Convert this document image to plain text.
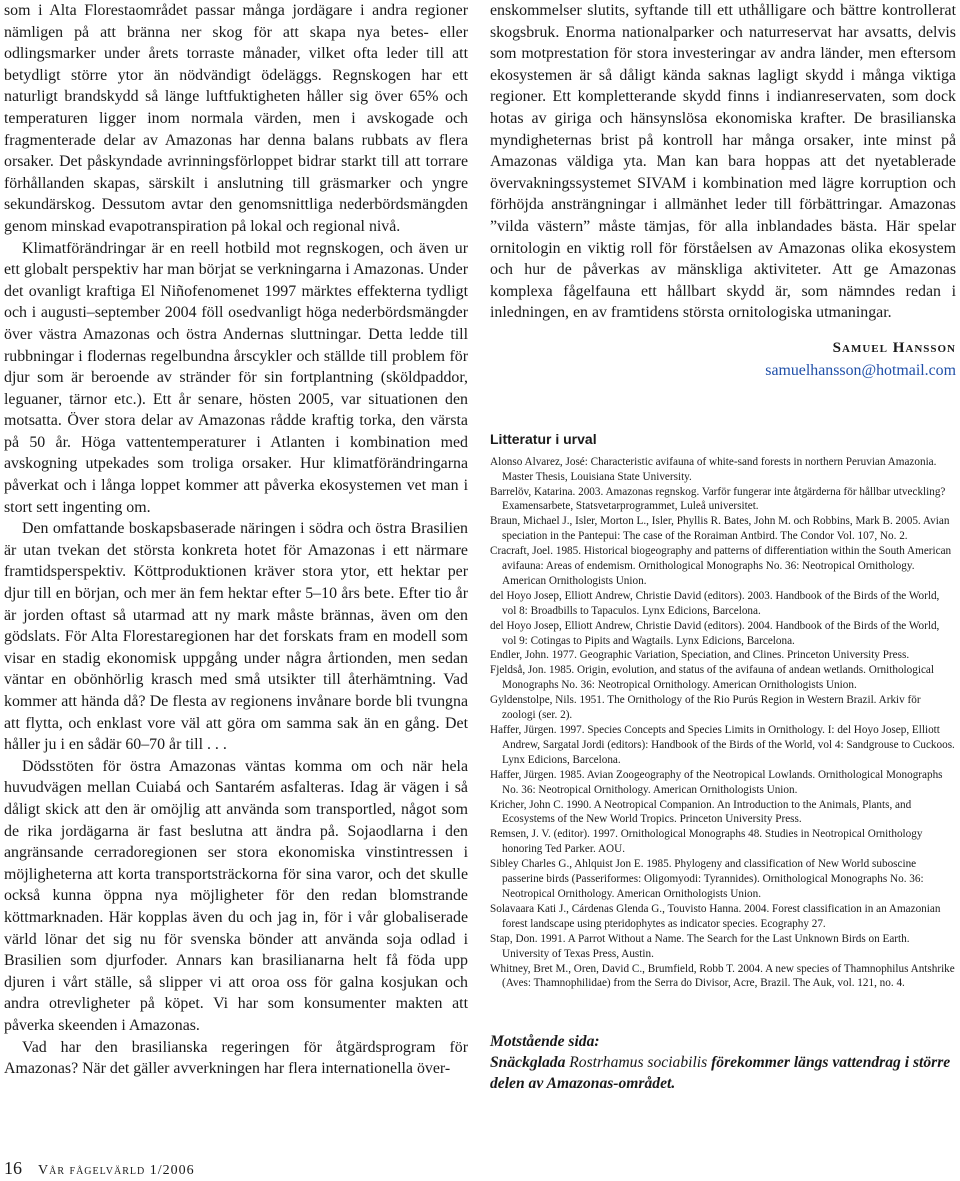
som i Alta Florestaområdet passar många jordägare i andra regioner nämligen på att bränna ner skog för att skapa nya betes- eller odlingsmarker under årets torraste månader, vilket ofta leder till att betydligt större ytor än nödvändigt ödeläggs. Regnskogen har ett naturligt brandskydd så länge luftfuktigheten håller sig över 65% och temperaturen ligger inom normala värden, men i avskogade och fragmenterade delar av Amazonas har denna balans rubbats av flera orsaker. Det påskyndade avrinningsförloppet bidrar starkt till att torrare förhållanden skapas, särskilt i anslutning till gräsmarker och yngre sekundärskog. Dessutom avtar den genomsnittliga nederbördsmängden genom minskad evapotranspiration på lokal och regional nivå.

Klimatförändringar är en reell hotbild mot regnskogen, och även ur ett globalt perspektiv har man börjat se verkningarna i Amazonas. Under det ovanligt kraftiga El Niñofenomenet 1997 märktes effekterna tydligt och i augusti–september 2004 föll osedvanligt höga nederbördsmängder över västra Amazonas och östra Andernas sluttningar. Detta ledde till rubbningar i flodernas regelbundna årscykler och ställde till problem för djur som är beroende av stränder för sin fortplantning (sköldpaddor, leguaner, tärnor etc.). Ett år senare, hösten 2005, var situationen den motsatta. Över stora delar av Amazonas rådde kraftig torka, den värsta på 50 år. Höga vattentemperaturer i Atlanten i kombination med avskogning utpekades som troliga orsaker. Hur klimatförändringarna påverkat och i långa loppet kommer att påverka ekosystemen vet man i stort sett ingenting om.

Den omfattande boskapsbaserade näringen i södra och östra Brasilien är utan tvekan det största konkreta hotet för Amazonas i ett närmare framtidsperspektiv. Köttproduktionen kräver stora ytor, ett hektar per djur till en början, och mer än fem hektar efter 5–10 års bete. Efter tio år är jorden oftast så utarmad att ny mark måste brännas, även om den gödslats. För Alta Florestaregionen har det forskats fram en modell som visar en stadig ekonomisk uppgång under några årtionden, men sedan väntar en obönhörlig krasch med små utsikter till återhämtning. Vad kommer att hända då? De flesta av regionens invånare borde bli tvungna att flytta, och enklast vore väl att göra om samma sak än en gång. Det håller ju i en sådär 60–70 år till . . .

Dödsstöten för östra Amazonas väntas komma om och när hela huvudvägen mellan Cuiabá och Santarém asfalteras. Idag är vägen i så dåligt skick att den är omöjlig att använda som transportled, något som de rika jordägarna är fast beslutna att ändra på. Sojaodlarna i den angränsande cerradoregionen ser stora ekonomiska vinstintressen i möjligheterna att korta transportsträckorna för sina varor, och det skulle också kunna öppna nya möjligheter för den redan blomstrande köttmarknaden. Här kopplas även du och jag in, för i vår globaliserade värld lönar det sig nu för svenska bönder att använda soja odlad i Brasilien som djurfoder. Annars kan brasilianarna helt få föda upp djuren i vårt ställe, så slipper vi att oroa oss för galna kosjukan och andra otrevligheter på köpet. Vi har som konsumenter makten att påverka skeenden i Amazonas.

Vad har den brasilianska regeringen för åtgärdsprogram för Amazonas? När det gäller avverkningen har flera internationella över-

enskommelser slutits, syftande till ett uthålligare och bättre kontrollerat skogsbruk. Enorma nationalparker och naturreservat har avsatts, delvis som motprestation för stora investeringar av andra länder, men eftersom ekosystemen är så dåligt kända saknas lagligt skydd i många viktiga regioner. Ett kompletterande skydd finns i indianreservaten, som dock hotas av giriga och hänsynslösa ekonomiska krafter. De brasilianska myndigheternas brist på kontroll har många orsaker, inte minst på Amazonas väldiga yta. Man kan bara hoppas att det nyetablerade övervakningssystemet SIVAM i kombination med lägre korruption och förhöjda ansträngningar i allmänhet leder till förbättringar. Amazonas ”vilda västern” måste tämjas, för alla inblandades bästa. Här spelar ornitologin en viktig roll för förståelsen av Amazonas olika ekosystem och hur de påverkas av mänskliga aktiviteter. Att ge Amazonas komplexa fågelfauna ett hållbart skydd är, som nämndes redan i inledningen, en av framtidens största ornitologiska utmaningar.

Samuel Hansson
samuelhansson@hotmail.com
Litteratur i urval

Alonso Alvarez, José: Characteristic avifauna of white-sand forests in northern Peruvian Amazonia. Master Thesis, Louisiana State University.

Barrelöv, Katarina. 2003. Amazonas regnskog. Varför fungerar inte åtgärderna för hållbar utveckling? Examensarbete, Statsvetarprogrammet, Luleå universitet.

Braun, Michael J., Isler, Morton L., Isler, Phyllis R. Bates, John M. och Robbins, Mark B. 2005. Avian speciation in the Pantepui: The case of the Roraiman Antbird. The Condor Vol. 107, No. 2.

Cracraft, Joel. 1985. Historical biogeography and patterns of differentiation within the South American avifauna: Areas of endemism. Ornithological Monographs No. 36: Neotropical Ornithology. American Ornithologists Union.

del Hoyo Josep, Elliott Andrew, Christie David (editors). 2003. Handbook of the Birds of the World, vol 8: Broadbills to Tapaculos. Lynx Edicions, Barcelona.

del Hoyo Josep, Elliott Andrew, Christie David (editors). 2004. Handbook of the Birds of the World, vol 9: Cotingas to Pipits and Wagtails. Lynx Edicions, Barcelona.

Endler, John. 1977. Geographic Variation, Speciation, and Clines. Princeton University Press.

Fjeldså, Jon. 1985. Origin, evolution, and status of the avifauna of andean wetlands. Ornithological Monographs No. 36: Neotropical Ornithology. American Ornithologists Union.

Gyldenstolpe, Nils. 1951. The Ornithology of the Rio Purús Region in Western Brazil. Arkiv för zoologi (ser. 2).

Haffer, Jürgen. 1997. Species Concepts and Species Limits in Ornithology. I: del Hoyo Josep, Elliott Andrew, Sargatal Jordi (editors): Handbook of the Birds of the World, vol 4: Sandgrouse to Cuckoos. Lynx Edicions, Barcelona.

Haffer, Jürgen. 1985. Avian Zoogeography of the Neotropical Lowlands. Ornithological Monographs No. 36: Neotropical Ornithology. American Ornithologists Union.

Kricher, John C. 1990. A Neotropical Companion. An Introduction to the Animals, Plants, and Ecosystems of the New World Tropics. Princeton University Press.

Remsen, J. V. (editor). 1997. Ornithological Monographs 48. Studies in Neotropical Ornithology honoring Ted Parker. AOU.

Sibley Charles G., Ahlquist Jon E. 1985. Phylogeny and classification of New World suboscine passerine birds (Passeriformes: Oligomyodi: Tyrannides). Ornithological Monographs No. 36: Neotropical Ornithology. American Ornithologists Union.

Solavaara Kati J., Cárdenas Glenda G., Touvisto Hanna. 2004. Forest classification in an Amazonian forest landscape using pteridophytes as indicator species. Ecography 27.

Stap, Don. 1991. A Parrot Without a Name. The Search for the Last Unknown Birds on Earth. University of Texas Press, Austin.

Whitney, Bret M., Oren, David C., Brumfield, Robb T. 2004. A new species of Thamnophilus Antshrike (Aves: Thamnophilidae) from the Serra do Divisor, Acre, Brazil. The Auk, vol. 121, no. 4.

Motstående sida:
Snäckglada Rostrhamus sociabilis förekommer längs vattendrag i större delen av Amazonas-området.
16 Vår fågelvärld 1/2006
